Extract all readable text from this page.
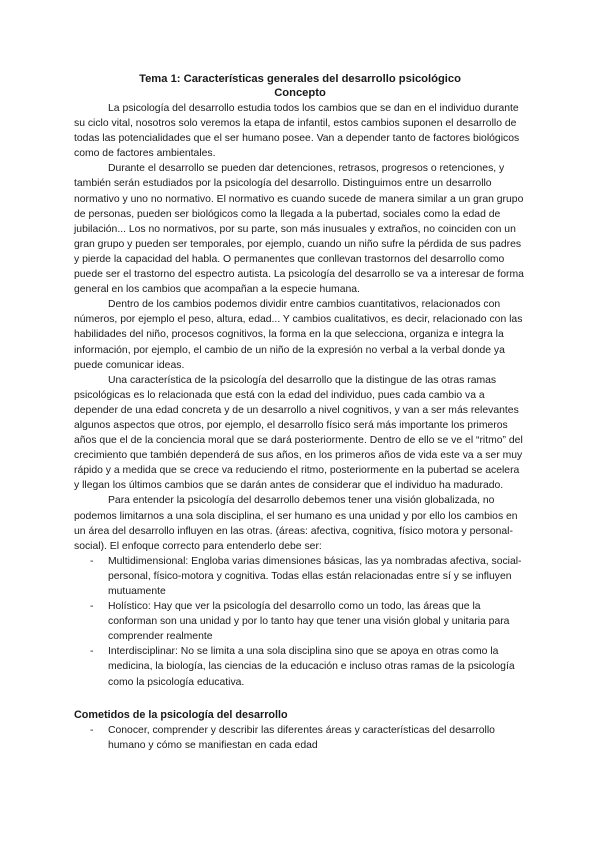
Tema 1: Características generales del desarrollo psicológico
Concepto

La psicología del desarrollo estudia todos los cambios que se dan en el individuo durante su ciclo vital, nosotros solo veremos la etapa de infantil, estos cambios suponen el desarrollo de todas las potencialidades que el ser humano posee. Van a depender tanto de factores biológicos como de factores ambientales.

Durante el desarrollo se pueden dar detenciones, retrasos, progresos o retenciones, y también serán estudiados por la psicología del desarrollo. Distinguimos entre un desarrollo normativo y uno no normativo. El normativo es cuando sucede de manera similar a un gran grupo de personas, pueden ser biológicos como la llegada a la pubertad, sociales como la edad de jubilación... Los no normativos, por su parte, son más inusuales y extraños, no coinciden con un gran grupo y pueden ser temporales, por ejemplo, cuando un niño sufre la pérdida de sus padres y pierde la capacidad del habla. O permanentes que conllevan trastornos del desarrollo como puede ser el trastorno del espectro autista. La psicología del desarrollo se va a interesar de forma general en los cambios que acompañan a la especie humana.

Dentro de los cambios podemos dividir entre cambios cuantitativos, relacionados con números, por ejemplo el peso, altura, edad... Y cambios cualitativos, es decir, relacionado con las habilidades del niño, procesos cognitivos, la forma en la que selecciona, organiza e integra la información, por ejemplo, el cambio de un niño de la expresión no verbal a la verbal donde ya puede comunicar ideas.

Una característica de la psicología del desarrollo que la distingue de las otras ramas psicológicas es lo relacionada que está con la edad del individuo, pues cada cambio va a depender de una edad concreta y de un desarrollo a nivel cognitivos, y van a ser más relevantes algunos aspectos que otros, por ejemplo, el desarrollo físico será más importante los primeros años que el de la conciencia moral que se dará posteriormente. Dentro de ello se ve el “ritmo” del crecimiento que también dependerá de sus años, en los primeros años de vida este va a ser muy rápido y a medida que se crece va reduciendo el ritmo, posteriormente en la pubertad se acelera y llegan los últimos cambios que se darán antes de considerar que el individuo ha madurado.

Para entender la psicología del desarrollo debemos tener una visión globalizada, no podemos limitarnos a una sola disciplina, el ser humano es una unidad y por ello los cambios en un área del desarrollo influyen en las otras. (áreas: afectiva, cognitiva, físico motora y personal-social). El enfoque correcto para entenderlo debe ser:

- Multidimensional: Engloba varias dimensiones básicas, las ya nombradas afectiva, social-personal, físico-motora y cognitiva. Todas ellas están relacionadas entre sí y se influyen mutuamente
- Holístico: Hay que ver la psicología del desarrollo como un todo, las áreas que la conforman son una unidad y por lo tanto hay que tener una visión global y unitaria para comprender realmente
- Interdisciplinar: No se limita a una sola disciplina sino que se apoya en otras como la medicina, la biología, las ciencias de la educación e incluso otras ramas de la psicología como la psicología educativa.
Cometidos de la psicología del desarrollo
- Conocer, comprender y describir las diferentes áreas y características del desarrollo humano y cómo se manifiestan en cada edad
